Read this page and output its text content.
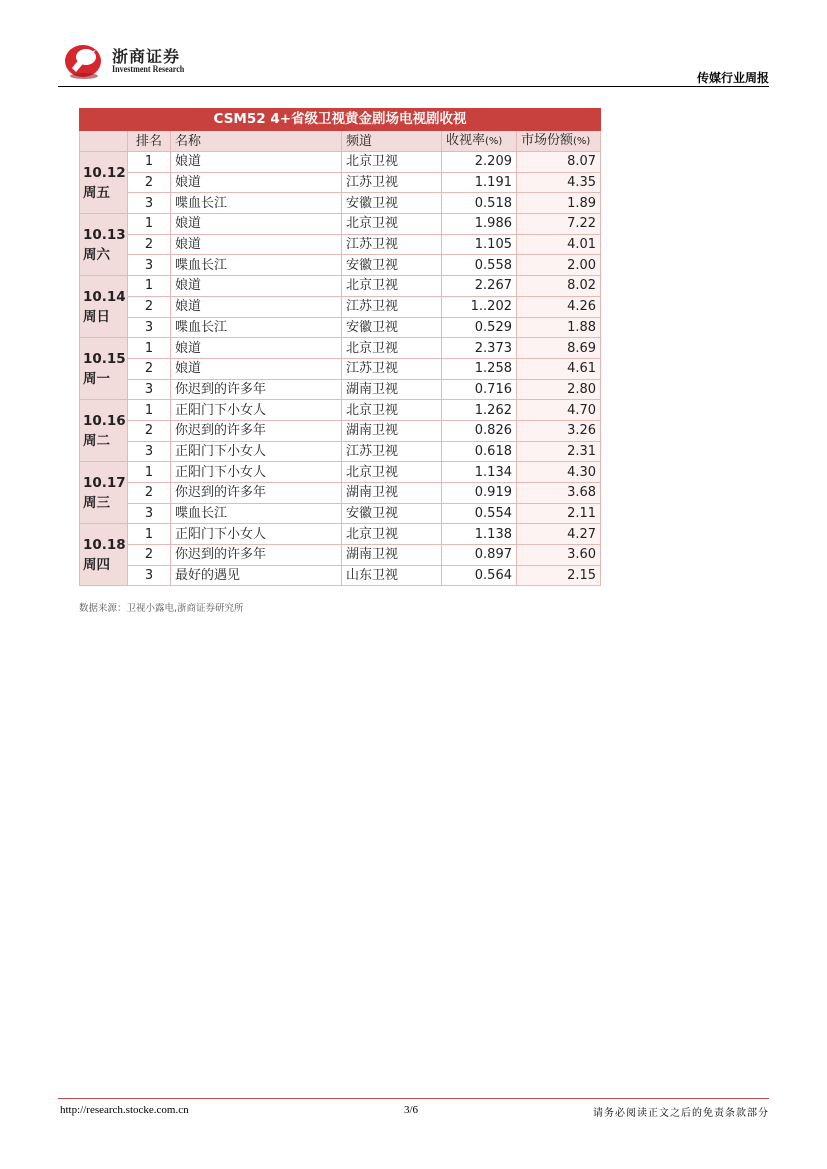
浙商证券
Investment Research
传媒行业周报
CSM52 4+省级卫视黄金剧场电视剧收视					
	排名	名称	频道	收视率(%)	市场份额(%)

10.12
周五	1	娘道	北京卫视	2.209	8.07
	2	娘道	江苏卫视	1.191	4.35
	3	喋血长江	安徽卫视	0.518	1.89

10.13
周六	1	娘道	北京卫视	1.986	7.22
	2	娘道	江苏卫视	1.105	4.01
	3	喋血长江	安徽卫视	0.558	2.00

10.14
周日	1	娘道	北京卫视	2.267	8.02
	2	娘道	江苏卫视	1..202	4.26
	3	喋血长江	安徽卫视	0.529	1.88

10.15
周一	1	娘道	北京卫视	2.373	8.69
	2	娘道	江苏卫视	1.258	4.61
	3	你迟到的许多年	湖南卫视	0.716	2.80

10.16
周二	1	正阳门下小女人	北京卫视	1.262	4.70
	2	你迟到的许多年	湖南卫视	0.826	3.26
	3	正阳门下小女人	江苏卫视	0.618	2.31

10.17
周三	1	正阳门下小女人	北京卫视	1.134	4.30
	2	你迟到的许多年	湖南卫视	0.919	3.68
	3	喋血长江	安徽卫视	0.554	2.11

10.18
周四	1	正阳门下小女人	北京卫视	1.138	4.27
	2	你迟到的许多年	湖南卫视	0.897	3.60
	3	最好的遇见	山东卫视	0.564	2.15
数据来源：卫视小露电,浙商证券研究所
http://research.stocke.com.cn	3/6	请务必阅读正文之后的免责条款部分
